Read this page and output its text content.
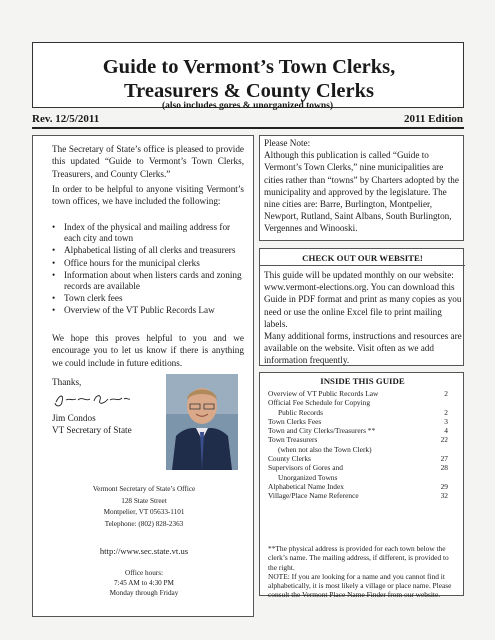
Guide to Vermont’s Town Clerks,
Treasurers & County Clerks
(also includes gores & unorganized towns)
Rev. 12/5/2011	2011 Edition
The Secretary of State’s office is pleased to provide this updated “Guide to Vermont’s Town Clerks, Treasurers, and County Clerks.”
In order to be helpful to anyone visiting Vermont’s town offices, we have included the following:
• Index of the physical and mailing address for each city and town
• Alphabetical listing of all clerks and treasurers
• Office hours for the municipal clerks
• Information about when listers cards and zoning records are available
• Town clerk fees
• Overview of the VT Public Records Law
We hope this proves helpful to you and we encourage you to let us know if there is anything we could include in future editions.
Thanks,
Jim Condos
VT Secretary of State
Vermont Secretary of State’s Office
128 State Street
Montpelier, VT 05633-1101
Telephone: (802) 828-2363
http://www.sec.state.vt.us
Office hours:
7:45 AM to 4:30 PM
Monday through Friday
Please Note:
Although this publication is called “Guide to Vermont’s Town Clerks,” nine municipalities are cities rather than “towns” by Charters adopted by the municipality and approved by the legislature. The nine cities are: Barre, Burlington, Montpelier, Newport, Rutland, Saint Albans, South Burlington, Vergennes and Winooski.
CHECK OUT OUR WEBSITE!
This guide will be updated monthly on our website: www.vermont-elections.org. You can download this Guide in PDF format and print as many copies as you need or use the online Excel file to print mailing labels.
Many additional forms, instructions and resources are available on the website. Visit often as we add information frequently.
INSIDE THIS GUIDE
Overview of VT Public Records Law	2
Official Fee Schedule for Copying
Public Records	2
Town Clerks Fees	3
Town and City Clerks/Treasurers **	4
Town Treasurers	22
(when not also the Town Clerk)
County Clerks	27
Supervisors of Gores and	28
Unorganized Towns
Alphabetical Name Index	29
Village/Place Name Reference	32
**The physical address is provided for each town below the clerk’s name. The mailing address, if different, is provided to the right.
NOTE: If you are looking for a name and you cannot find it alphabetically, it is most likely a village or place name. Please consult the Vermont Place Name Finder from our website.
